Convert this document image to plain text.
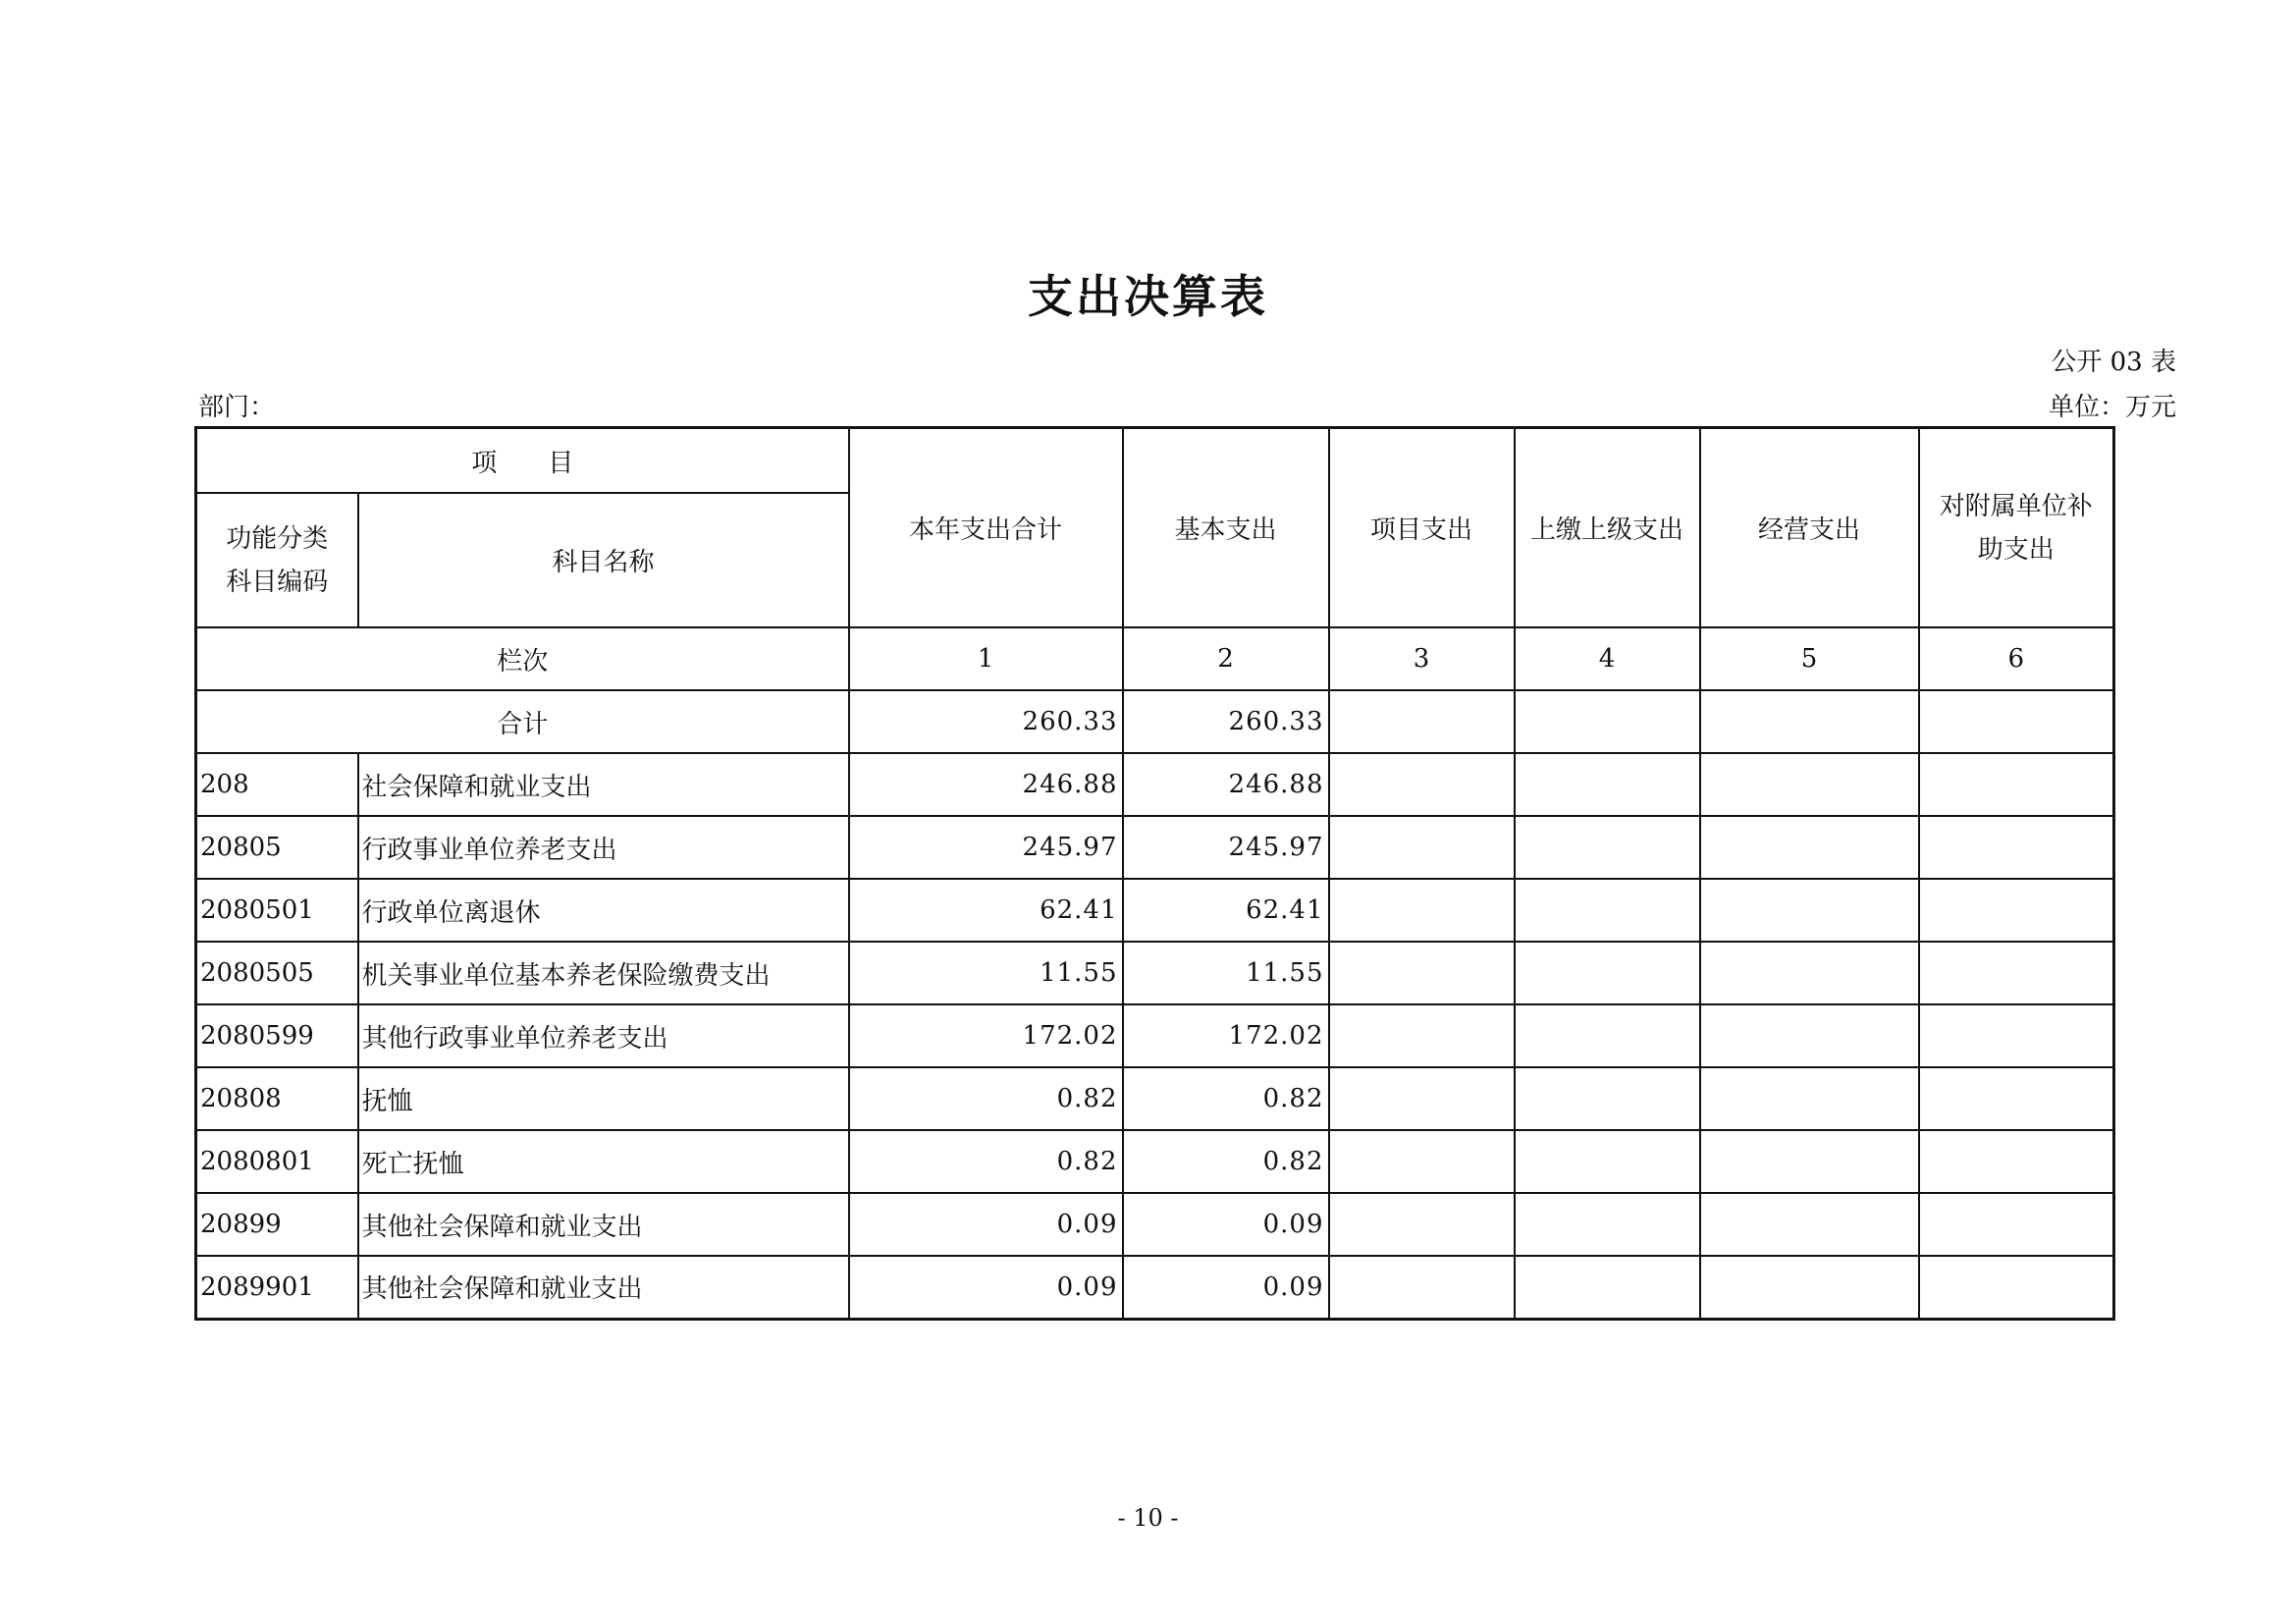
支出决算表
公开 03 表
部门：	单位：万元
项　　目		本年支出合计	基本支出	项目支出	上缴上级支出	经营支出	对附属单位补
助支出

功能分类
科目编码	科目名称						
栏次		1	2	3	4	5	6
合计		260.33	260.33				
208	社会保障和就业支出	246.88	246.88				
20805	行政事业单位养老支出	245.97	245.97				
2080501	行政单位离退休	62.41	62.41				
2080505	机关事业单位基本养老保险缴费支出	11.55	11.55				
2080599	其他行政事业单位养老支出	172.02	172.02				
20808	抚恤	0.82	0.82				
2080801	死亡抚恤	0.82	0.82				
20899	其他社会保障和就业支出	0.09	0.09				
2089901	其他社会保障和就业支出	0.09	0.09				
- 10 -
